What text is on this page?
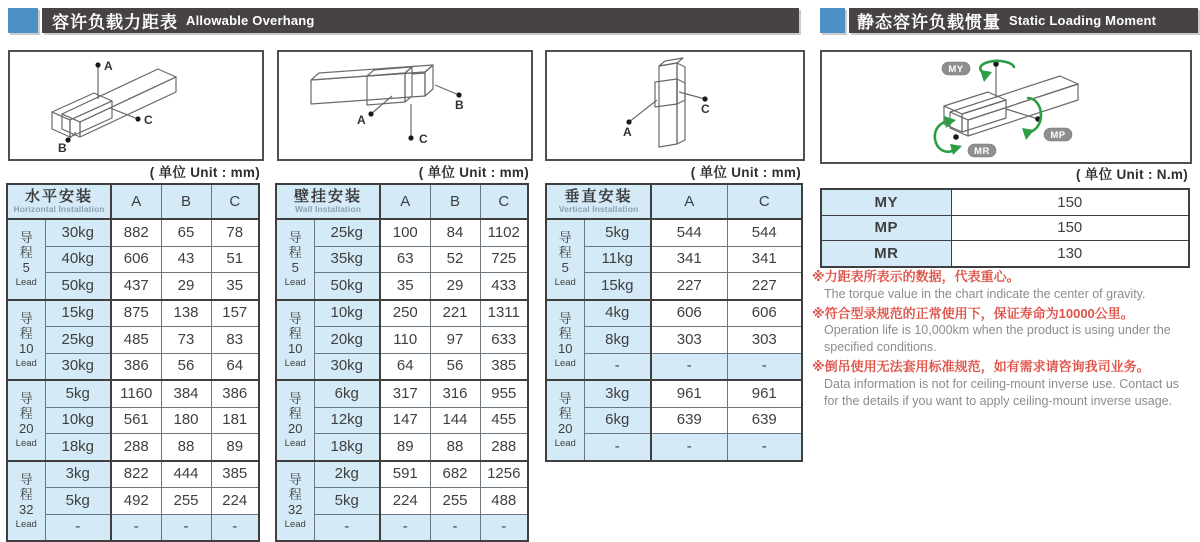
容许负载力距表 Allowable Overhang	静态容许负载惯量 Static Loading Moment
A
C
B
A
B
C	A
C
MY
MP
MR
( 单位 Unit : mm)	( 单位 Unit : mm)	( 单位 Unit : mm)	( 单位 Unit : N.m)
水平安装
Horizontal Installation		A	B	C

导
程
5
Lead	30kg	882	65	78
	40kg	606	43	51
	50kg	437	29	35

导
程
10
Lead	15kg	875	138	157
	25kg	485	73	83
	30kg	386	56	64

导
程
20
Lead	5kg	1160	384	386
	10kg	561	180	181
	18kg	288	88	89

导
程
32
Lead	3kg	822	444	385
	5kg	492	255	224
	-	-	-	-
壁挂安装
Wall Installation		A	B	C

导
程
5
Lead	25kg	100	84	1102
	35kg	63	52	725
	50kg	35	29	433

导
程
10
Lead	10kg	250	221	1311
	20kg	110	97	633
	30kg	64	56	385

导
程
20
Lead	6kg	317	316	955
	12kg	147	144	455
	18kg	89	88	288

导
程
32
Lead	2kg	591	682	1256
	5kg	224	255	488
	-	-	-	-
垂直安装
Vertical Installation		A	C

导
程
5
Lead	5kg	544	544
	11kg	341	341
	15kg	227	227

导
程
10
Lead	4kg	606	606
	8kg	303	303
	-	-	-

导
程
20
Lead	3kg	961	961
	6kg	639	639
	-	-	-
MY	150
MP	150
MR	130
※力距表所表示的数据，代表重心。
The torque value in the chart indicate the center of gravity.
※符合型录规范的正常使用下，保证寿命为10000公里。
Operation life is 10,000km when the product is using under the specified conditions.
※倒吊使用无法套用标准规范，如有需求请咨询我司业务。
Data information is not for ceiling-mount inverse use. Contact us for the details if you want to apply ceiling-mount inverse usage.
